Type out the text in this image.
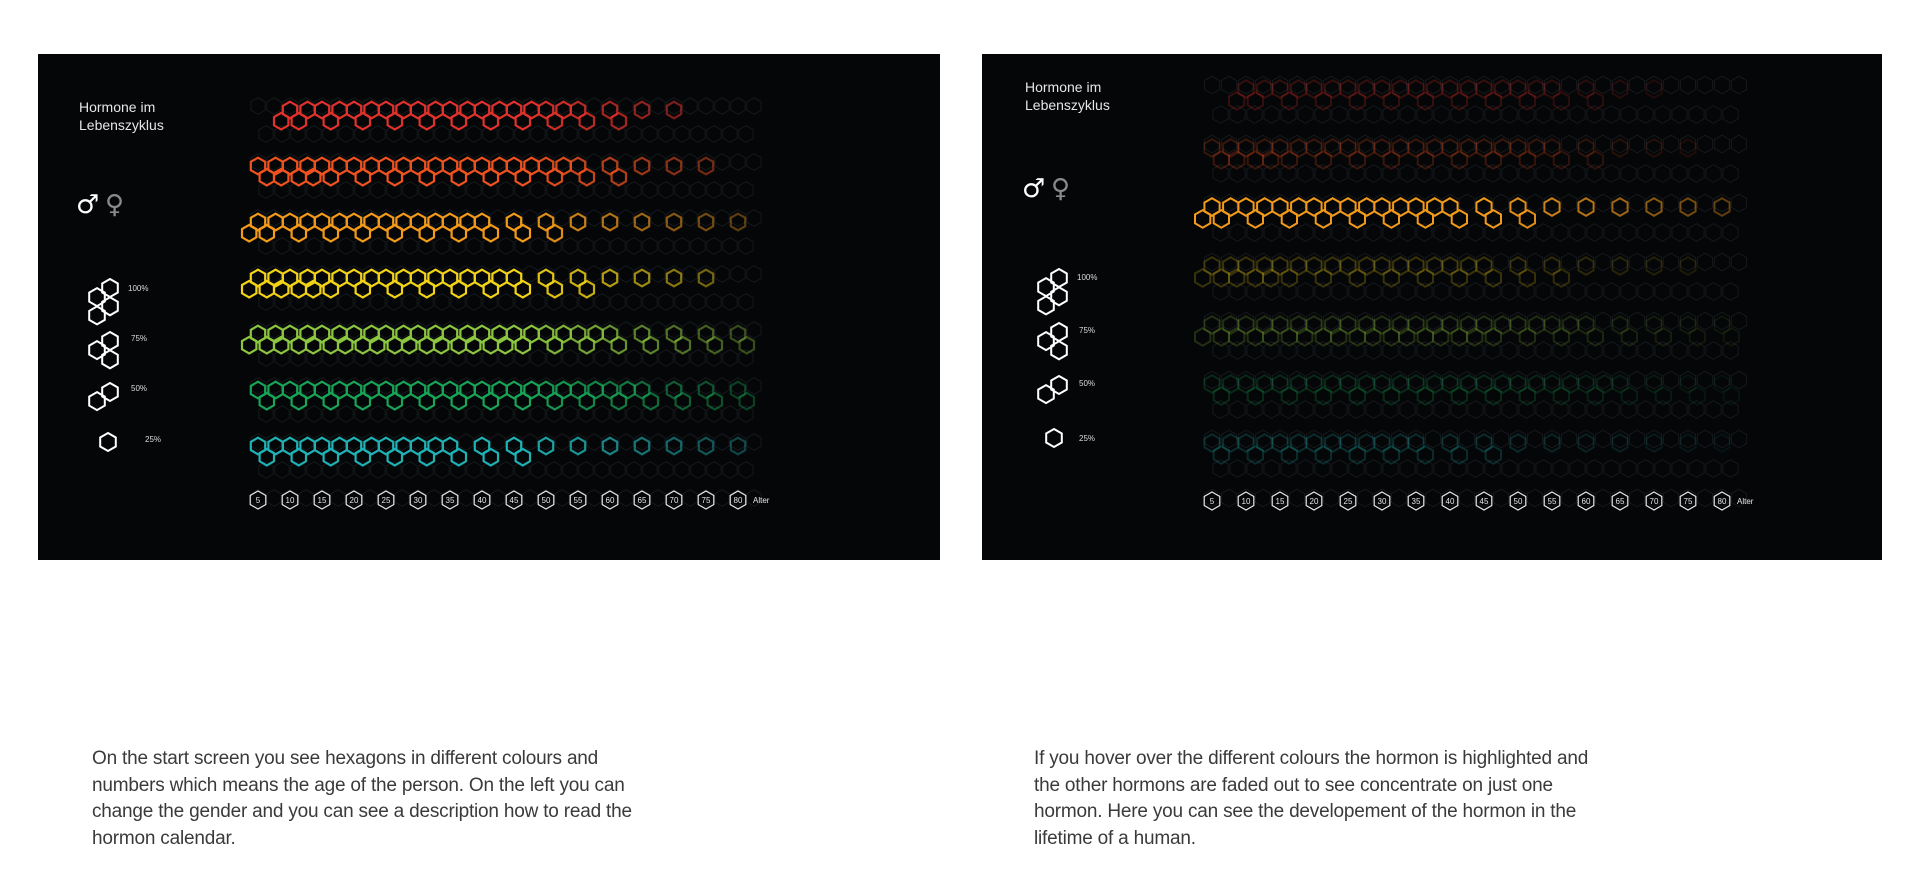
Hormone im
Lebenszyklus
♂ ♀
100%
75%
50%
25%
5	10	15	20	25	30	35	40	45	50	55	60	65	70	75	80 Alter
Hormone im
Lebenszyklus
♂ ♀
100%
75%
50%
25%
5	10	15	20	25	30	35	40	45	50	55	60	65	70	75	80 Alter

On the start screen you see hexagons in different colours and numbers which means the age of the person. On the left you can change the gender and you can see a description how to read the hormon calendar.

If you hover over the different colours the hormon is highlighted and the other hormons are faded out to see concentrate on just one hormon. Here you can see the developement of the hormon in the lifetime of a human.
